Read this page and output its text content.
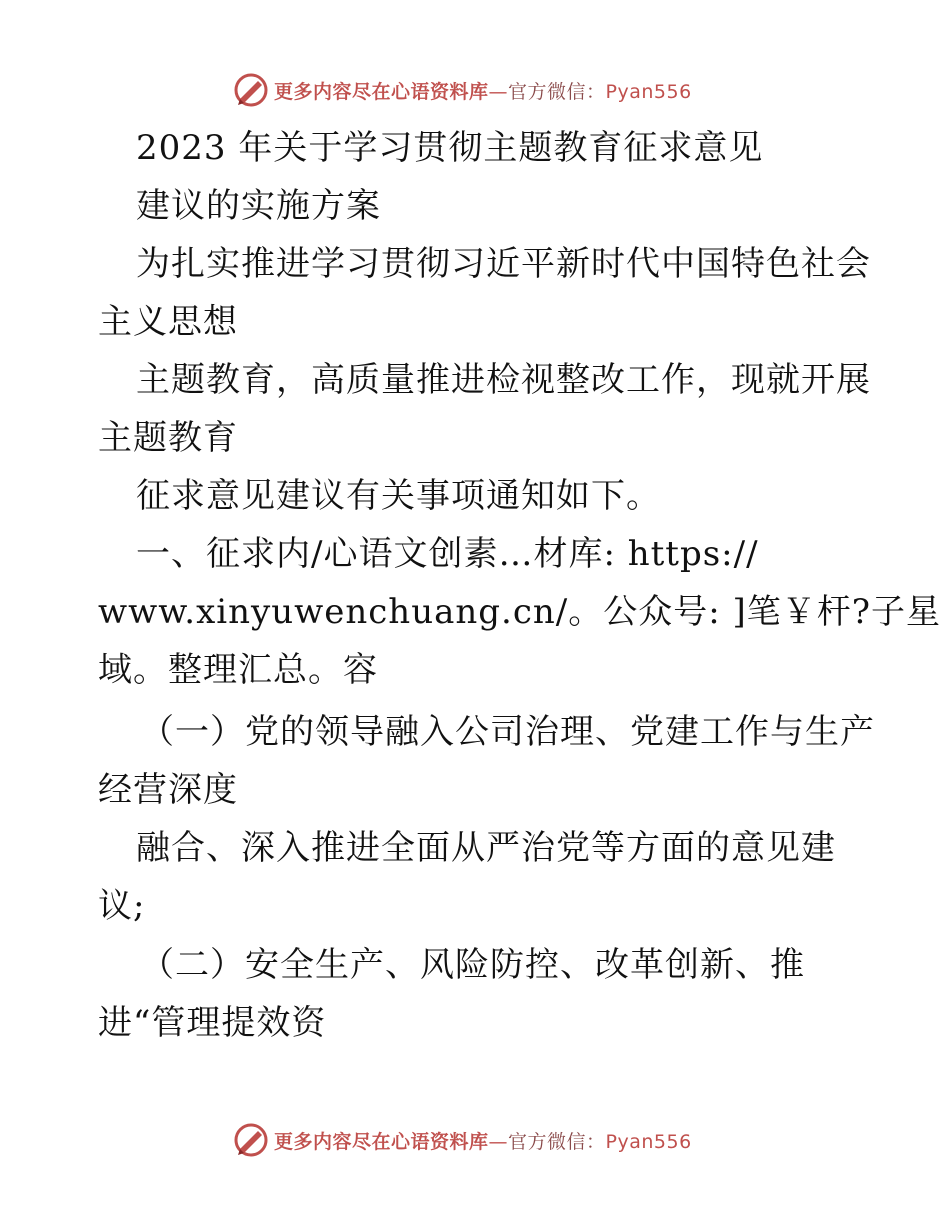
更多内容尽在心语资料库—官方微信：Pyan556
2023 年关于学习贯彻主题教育征求意见
建议的实施方案
为扎实推进学习贯彻习近平新时代中国特色社会
主义思想
主题教育，高质量推进检视整改工作，现就开展
主题教育
征求意见建议有关事项通知如下。
一、征求内/心语文创素…材库: https://
www.xinyuwenchuang.cn/。公众号: ]笔￥杆?子星
域。整理汇总。容
（一）党的领导融入公司治理、党建工作与生产
经营深度
融合、深入推进全面从严治党等方面的意见建
议;
（二）安全生产、风险防控、改革创新、推
进“管理提效资
更多内容尽在心语资料库—官方微信：Pyan556
